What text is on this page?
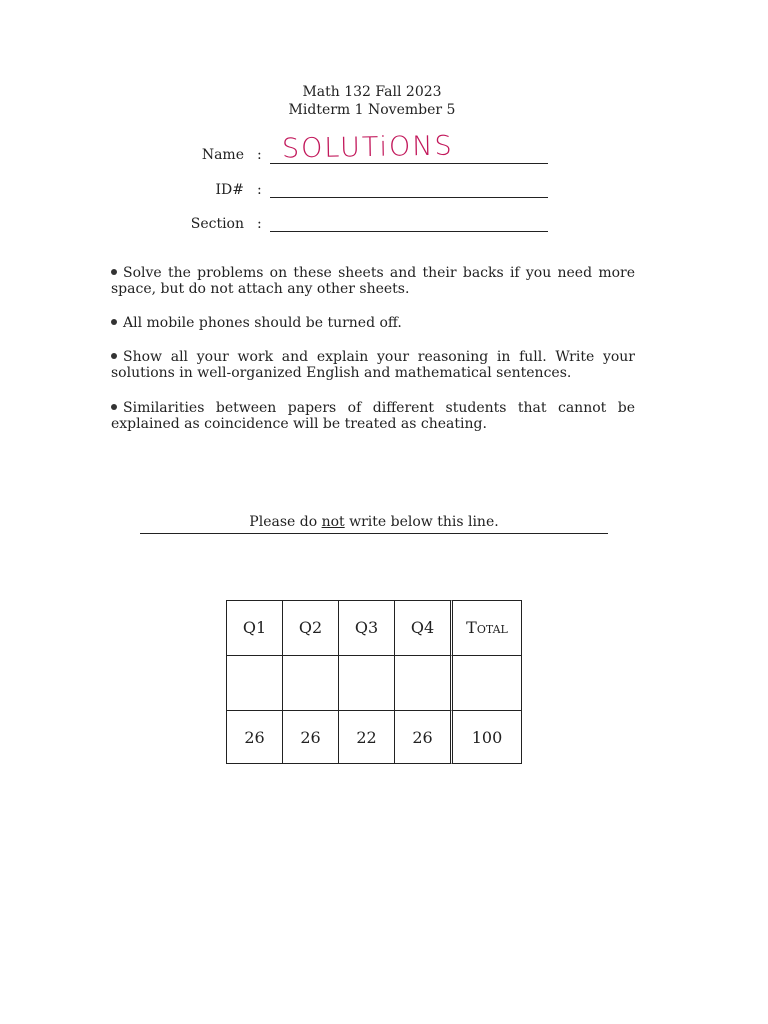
Math 132 Fall 2023
Midterm 1 November 5
Name : SOLUTiONS
ID# :
Section :
Solve the problems on these sheets and their backs if you need more space, but do not attach any other sheets.
All mobile phones should be turned off.
Show all your work and explain your reasoning in full. Write your solutions in well-organized English and mathematical sentences.
Similarities between papers of different students that cannot be explained as coincidence will be treated as cheating.
Please do not write below this line.
Q1	Q2	Q3	Q4	Total

26	26	22	26	100
